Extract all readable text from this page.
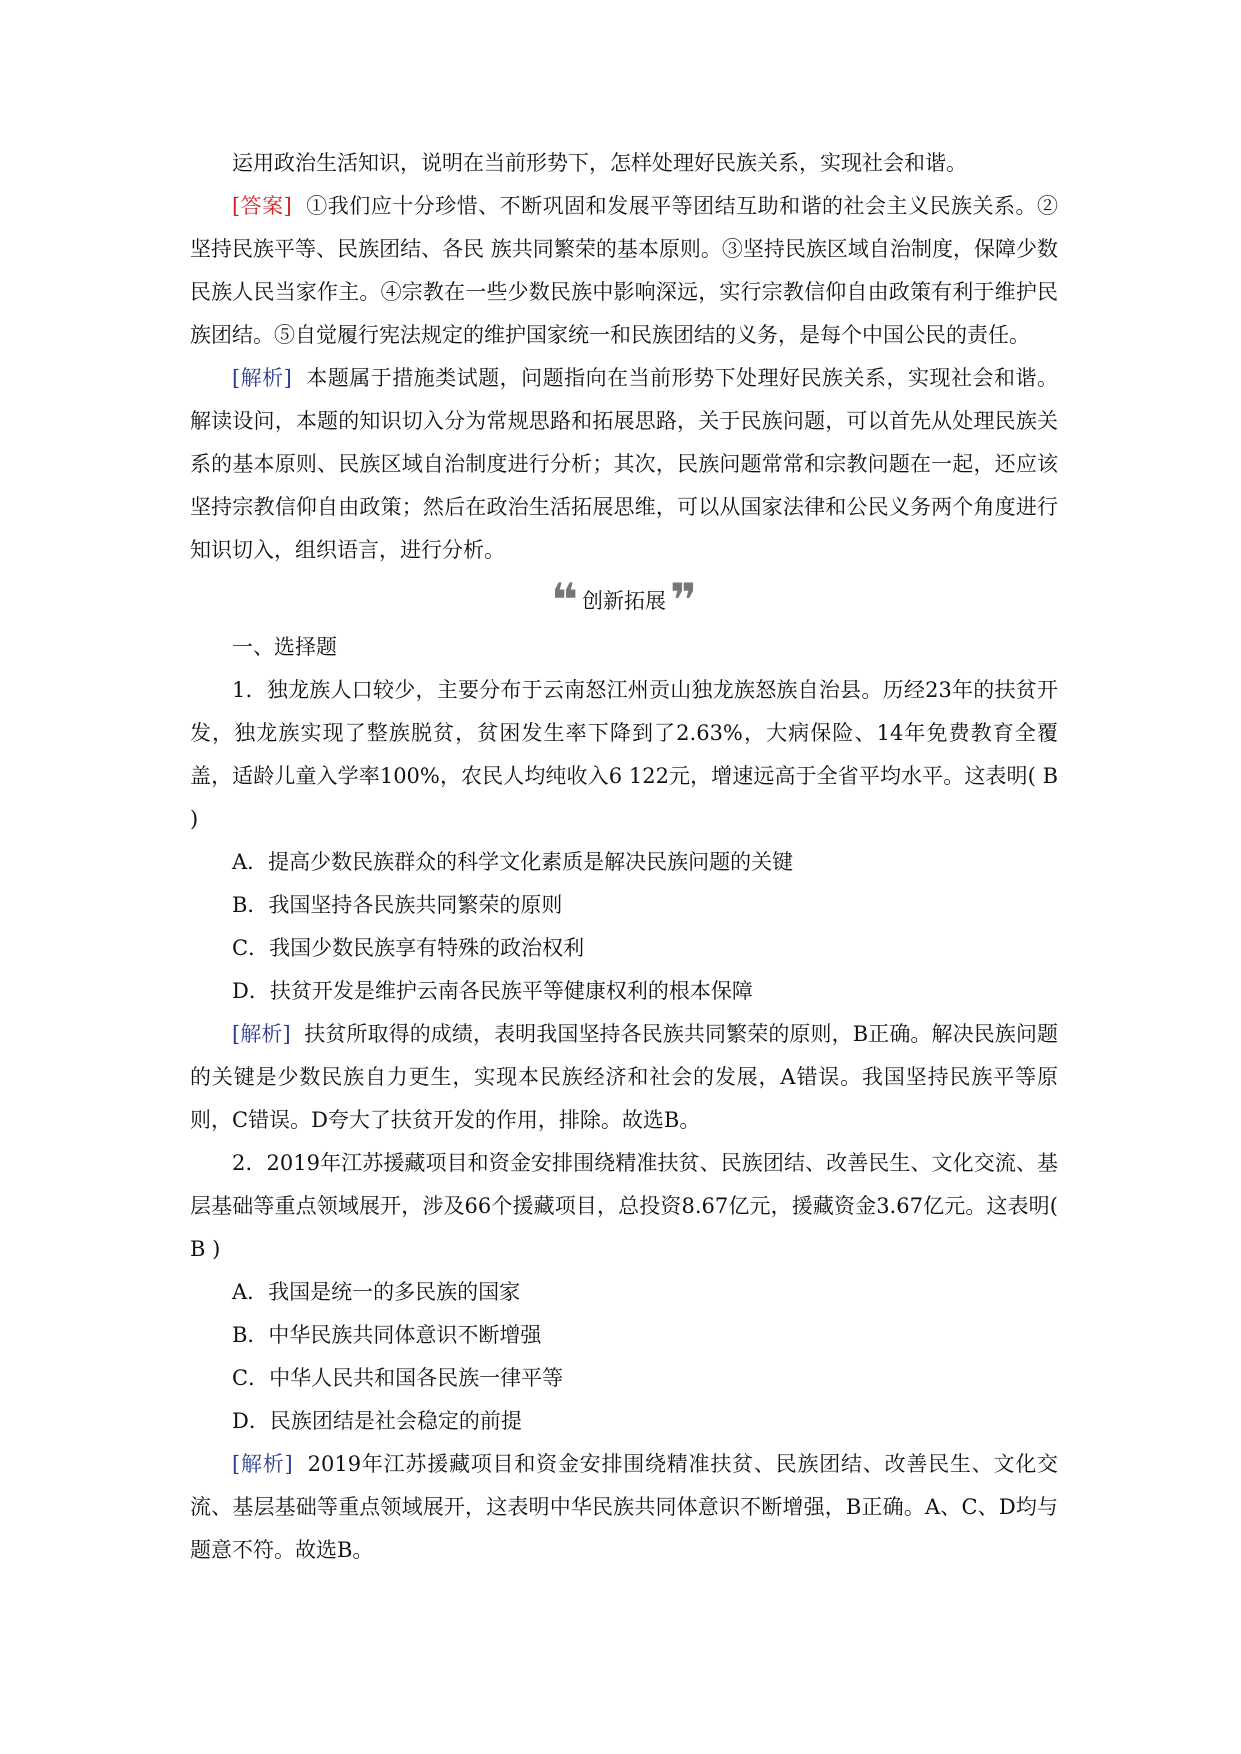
运用政治生活知识，说明在当前形势下，怎样处理好民族关系，实现社会和谐。

[答案] ①我们应十分珍惜、不断巩固和发展平等团结互助和谐的社会主义民族关系。②坚持民族平等、民族团结、各民 族共同繁荣的基本原则。③坚持民族区域自治制度，保障少数民族人民当家作主。④宗教在一些少数民族中影响深远，实行宗教信仰自由政策有利于维护民族团结。⑤自觉履行宪法规定的维护国家统一和民族团结的义务，是每个中国公民的责任。

[解析] 本题属于措施类试题，问题指向在当前形势下处理好民族关系，实现社会和谐。解读设问，本题的知识切入分为常规思路和拓展思路，关于民族问题，可以首先从处理民族关系的基本原则、民族区域自治制度进行分析；其次，民族问题常常和宗教问题在一起，还应该坚持宗教信仰自由政策；然后在政治生活拓展思维，可以从国家法律和公民义务两个角度进行知识切入，组织语言，进行分析。

❝ 创新拓展 ❞

一、选择题

1．独龙族人口较少，主要分布于云南怒江州贡山独龙族怒族自治县。历经23年的扶贫开发，独龙族实现了整族脱贫，贫困发生率下降到了2.63%，大病保险、14年免费教育全覆盖，适龄儿童入学率100%，农民人均纯收入6 122元，增速远高于全省平均水平。这表明( B )

A．提高少数民族群众的科学文化素质是解决民族问题的关键

B．我国坚持各民族共同繁荣的原则

C．我国少数民族享有特殊的政治权利

D．扶贫开发是维护云南各民族平等健康权利的根本保障

[解析] 扶贫所取得的成绩，表明我国坚持各民族共同繁荣的原则，B正确。解决民族问题的关键是少数民族自力更生，实现本民族经济和社会的发展，A错误。我国坚持民族平等原则，C错误。D夸大了扶贫开发的作用，排除。故选B。

2．2019年江苏援藏项目和资金安排围绕精准扶贫、民族团结、改善民生、文化交流、基层基础等重点领域展开，涉及66个援藏项目，总投资8.67亿元，援藏资金3.67亿元。这表明( B )

A．我国是统一的多民族的国家

B．中华民族共同体意识不断增强

C．中华人民共和国各民族一律平等

D．民族团结是社会稳定的前提

[解析] 2019年江苏援藏项目和资金安排围绕精准扶贫、民族团结、改善民生、文化交流、基层基础等重点领域展开，这表明中华民族共同体意识不断增强，B正确。A、C、D均与题意不符。故选B。
